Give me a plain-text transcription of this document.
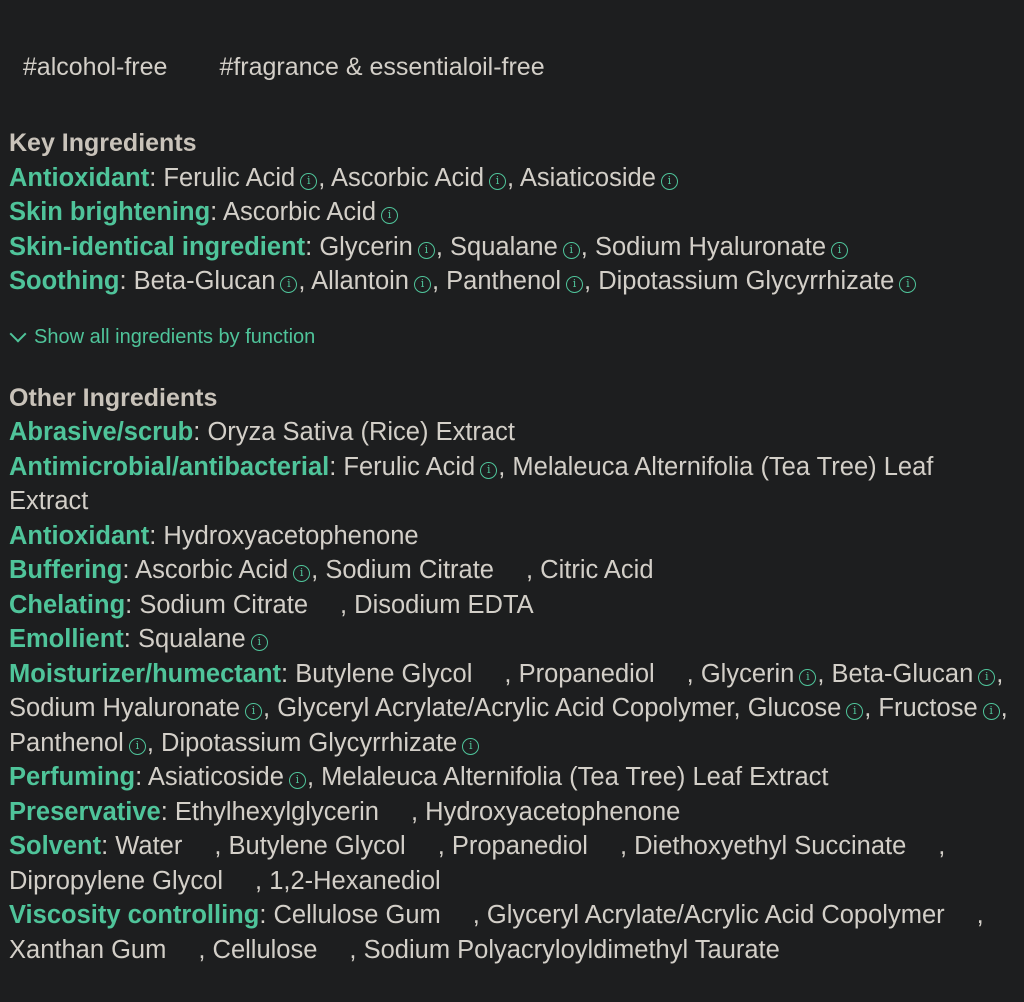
#alcohol-free #fragrance & essentialoil-free

Key Ingredients
Antioxidant: Ferulic Acid i , Ascorbic Acid i , Asiaticoside i
Skin brightening: Ascorbic Acid i
Skin-identical ingredient: Glycerin i , Squalane i , Sodium Hyaluronate i
Soothing: Beta-Glucan i , Allantoin i , Panthenol i , Dipotassium Glycyrrhizate i
Show all ingredients by function
Other Ingredients
Abrasive/scrub: Oryza Sativa (Rice) Extract
Antimicrobial/antibacterial: Ferulic Acid i , Melaleuca Alternifolia (Tea Tree) Leaf Extract
Antioxidant: Hydroxyacetophenone
Buffering: Ascorbic Acid i , Sodium Citrate , Citric Acid
Chelating: Sodium Citrate , Disodium EDTA
Emollient: Squalane i
Moisturizer/humectant: Butylene Glycol , Propanediol , Glycerin i , Beta-Glucan i , Sodium Hyaluronate i , Glyceryl Acrylate/Acrylic Acid Copolymer, Glucose i , Fructose i , Panthenol i , Dipotassium Glycyrrhizate i
Perfuming: Asiaticoside i , Melaleuca Alternifolia (Tea Tree) Leaf Extract
Preservative: Ethylhexylglycerin , Hydroxyacetophenone
Solvent: Water , Butylene Glycol , Propanediol , Diethoxyethyl Succinate , Dipropylene Glycol , 1,2-Hexanediol
Viscosity controlling: Cellulose Gum , Glyceryl Acrylate/Acrylic Acid Copolymer , Xanthan Gum , Cellulose , Sodium Polyacryloyldimethyl Taurate
